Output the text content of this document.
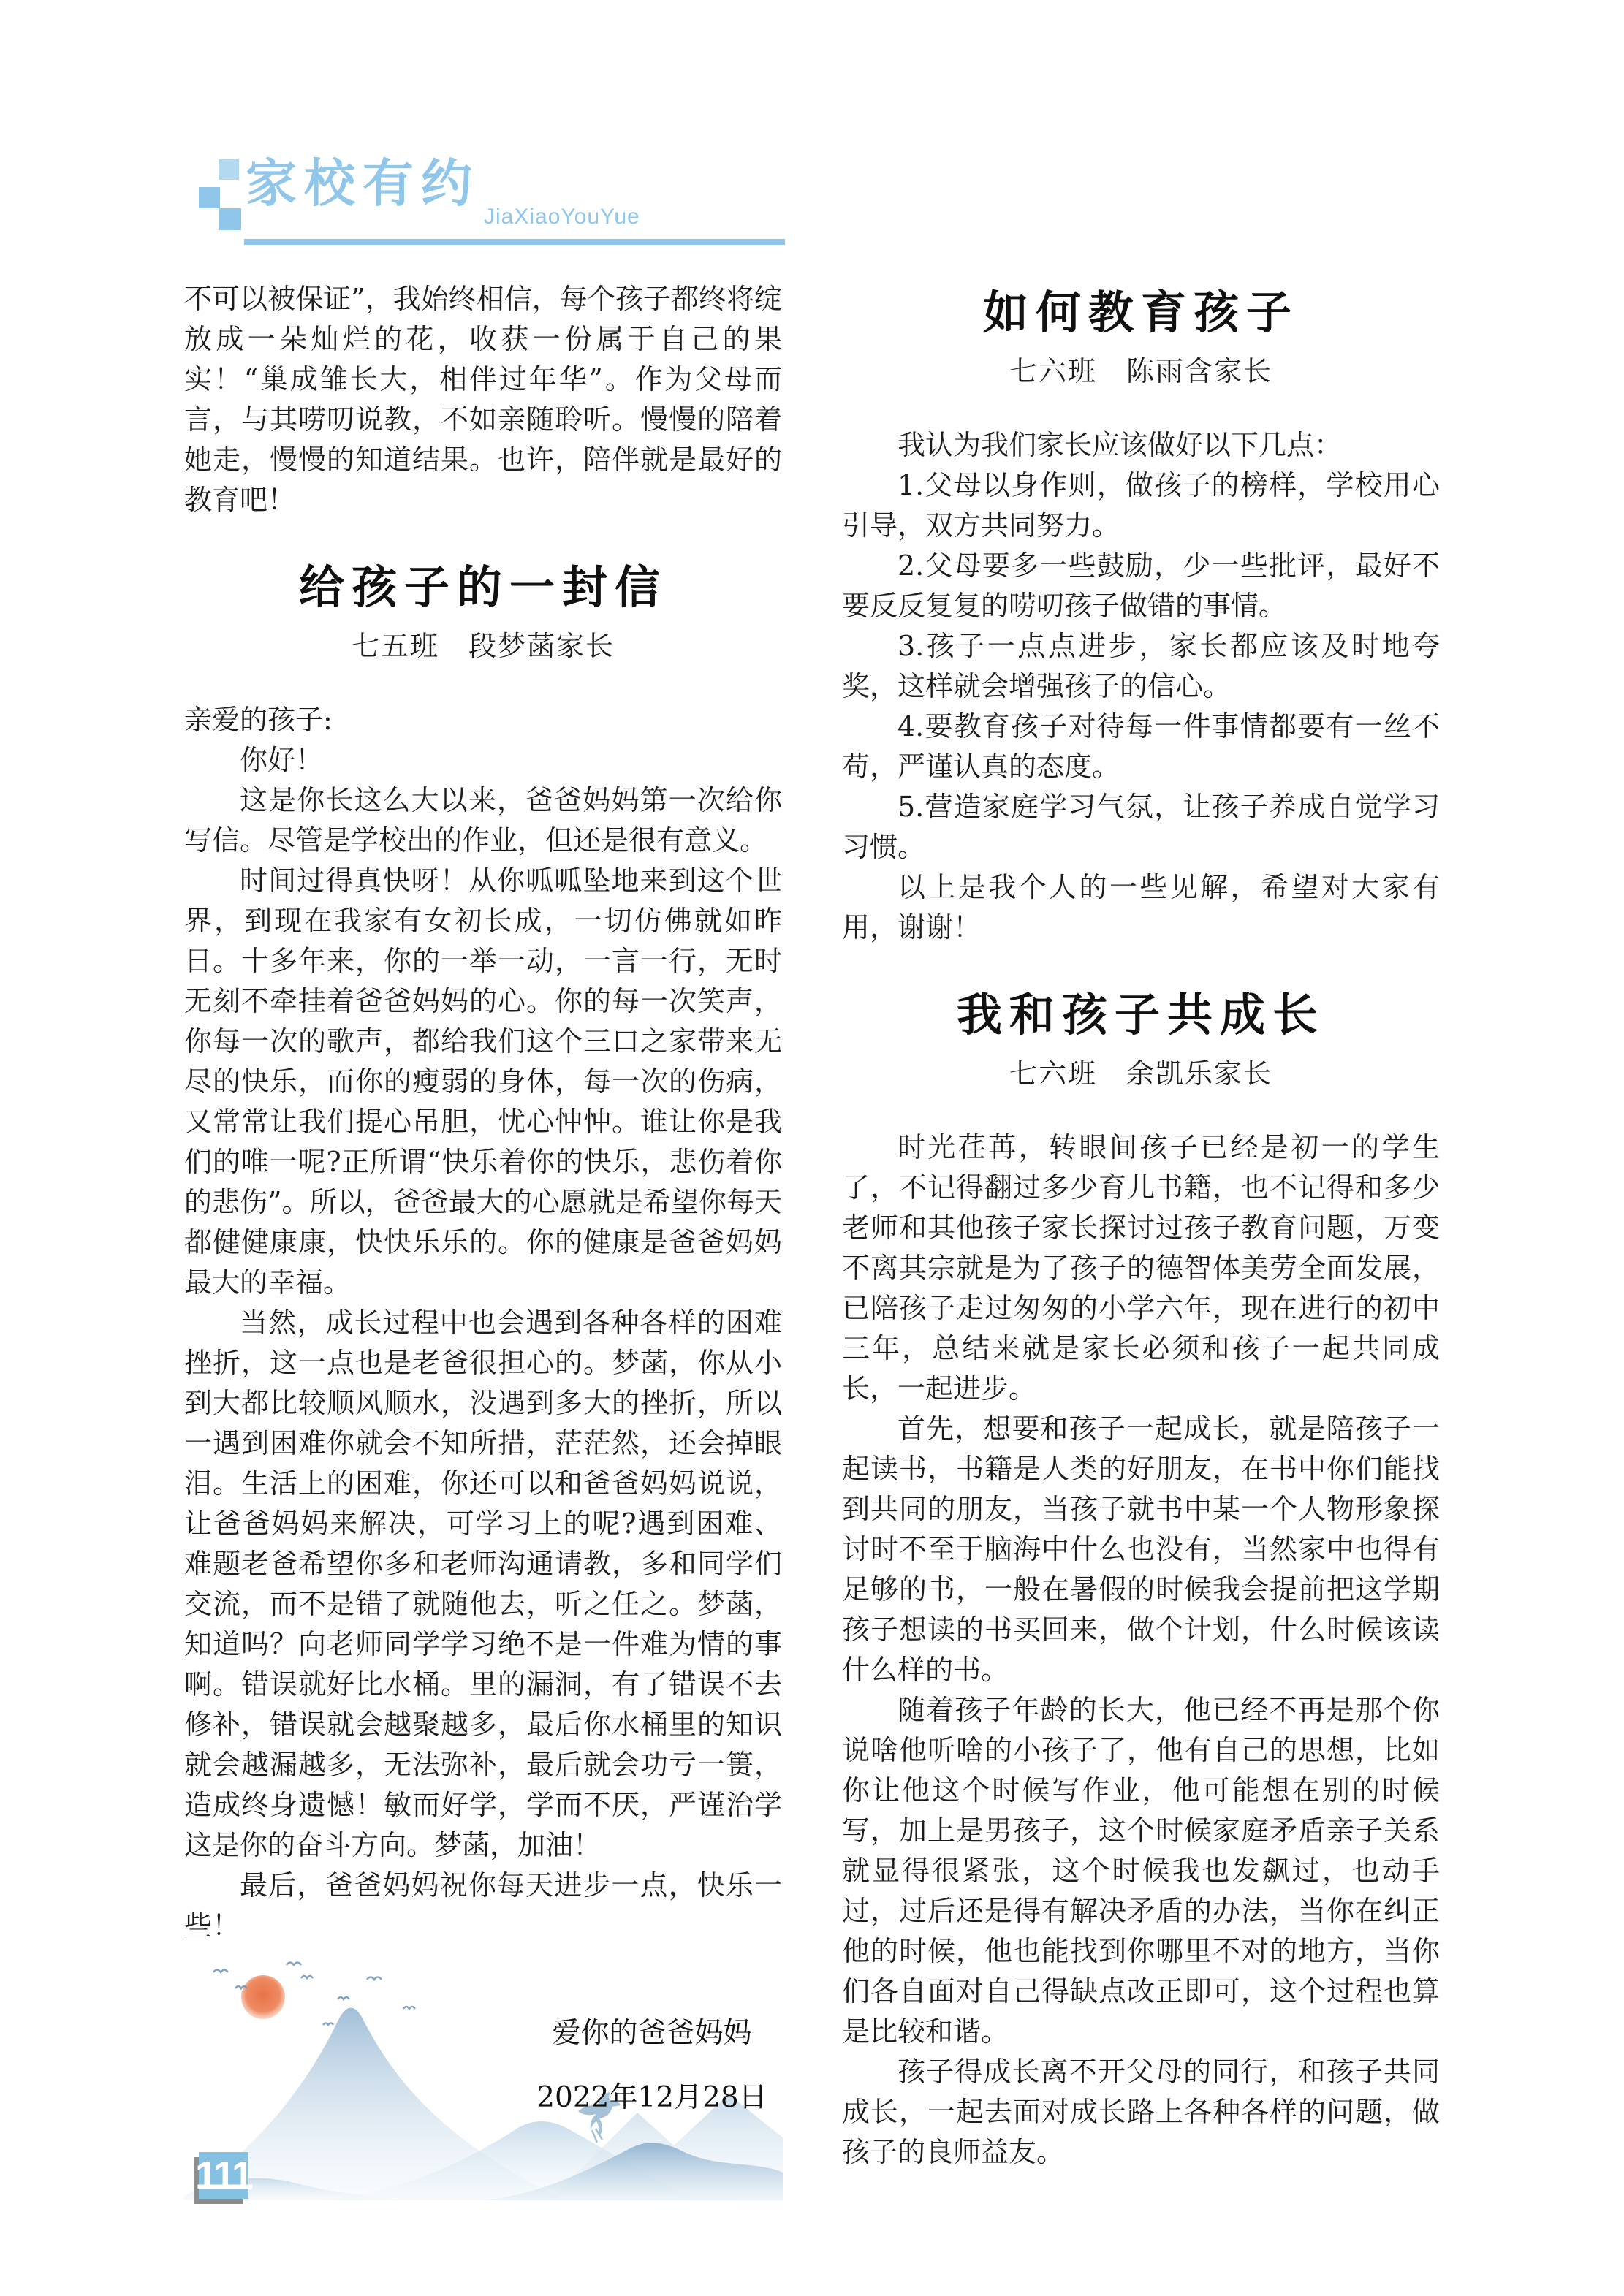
家校有约
JiaXiaoYouYue

不可以被保证”，我始终相信，每个孩子都终将绽放成一朵灿烂的花，收获一份属于自己的果实！“巢成雏长大，相伴过年华”。作为父母而言，与其唠叨说教，不如亲随聆听。慢慢的陪着她走，慢慢的知道结果。也许，陪伴就是最好的教育吧！

给孩子的一封信
七五班　段梦菡家长

亲爱的孩子:

你好！

这是你长这么大以来，爸爸妈妈第一次给你写信。尽管是学校出的作业，但还是很有意义。

时间过得真快呀！从你呱呱坠地来到这个世界，到现在我家有女初长成，一切仿佛就如昨日。十多年来，你的一举一动，一言一行，无时无刻不牵挂着爸爸妈妈的心。你的每一次笑声，你每一次的歌声，都给我们这个三口之家带来无尽的快乐，而你的瘦弱的身体，每一次的伤病，又常常让我们提心吊胆，忧心忡忡。谁让你是我们的唯一呢?正所谓“快乐着你的快乐，悲伤着你的悲伤”。所以，爸爸最大的心愿就是希望你每天都健健康康，快快乐乐的。你的健康是爸爸妈妈最大的幸福。

当然，成长过程中也会遇到各种各样的困难挫折，这一点也是老爸很担心的。梦菡，你从小到大都比较顺风顺水，没遇到多大的挫折，所以一遇到困难你就会不知所措，茫茫然，还会掉眼泪。生活上的困难，你还可以和爸爸妈妈说说，让爸爸妈妈来解决，可学习上的呢?遇到困难、难题老爸希望你多和老师沟通请教，多和同学们交流，而不是错了就随他去，听之任之。梦菡，知道吗？向老师同学学习绝不是一件难为情的事啊。错误就好比水桶。里的漏洞，有了错误不去修补，错误就会越聚越多，最后你水桶里的知识就会越漏越多，无法弥补，最后就会功亏一篑，造成终身遗憾！敏而好学，学而不厌，严谨治学这是你的奋斗方向。梦菡，加油！

最后，爸爸妈妈祝你每天进步一点，快乐一些！

爱你的爸爸妈妈
2022年12月28日
如何教育孩子
七六班　陈雨含家长

我认为我们家长应该做好以下几点：

1.父母以身作则，做孩子的榜样，学校用心引导，双方共同努力。

2.父母要多一些鼓励，少一些批评，最好不要反反复复的唠叨孩子做错的事情。

3.孩子一点点进步，家长都应该及时地夸奖，这样就会增强孩子的信心。

4.要教育孩子对待每一件事情都要有一丝不苟，严谨认真的态度。

5.营造家庭学习气氛，让孩子养成自觉学习习惯。

以上是我个人的一些见解，希望对大家有用，谢谢！

我和孩子共成长
七六班　余凯乐家长

时光荏苒，转眼间孩子已经是初一的学生了，不记得翻过多少育儿书籍，也不记得和多少老师和其他孩子家长探讨过孩子教育问题，万变不离其宗就是为了孩子的德智体美劳全面发展，已陪孩子走过匆匆的小学六年，现在进行的初中三年，总结来就是家长必须和孩子一起共同成长，一起进步。

首先，想要和孩子一起成长，就是陪孩子一起读书，书籍是人类的好朋友，在书中你们能找到共同的朋友，当孩子就书中某一个人物形象探讨时不至于脑海中什么也没有，当然家中也得有足够的书，一般在暑假的时候我会提前把这学期孩子想读的书买回来，做个计划，什么时候该读什么样的书。

随着孩子年龄的长大，他已经不再是那个你说啥他听啥的小孩子了，他有自己的思想，比如你让他这个时候写作业，他可能想在别的时候写，加上是男孩子，这个时候家庭矛盾亲子关系就显得很紧张，这个时候我也发飙过，也动手过，过后还是得有解决矛盾的办法，当你在纠正他的时候，他也能找到你哪里不对的地方，当你们各自面对自己得缺点改正即可，这个过程也算是比较和谐。

孩子得成长离不开父母的同行，和孩子共同成长，一起去面对成长路上各种各样的问题，做孩子的良师益友。

111
